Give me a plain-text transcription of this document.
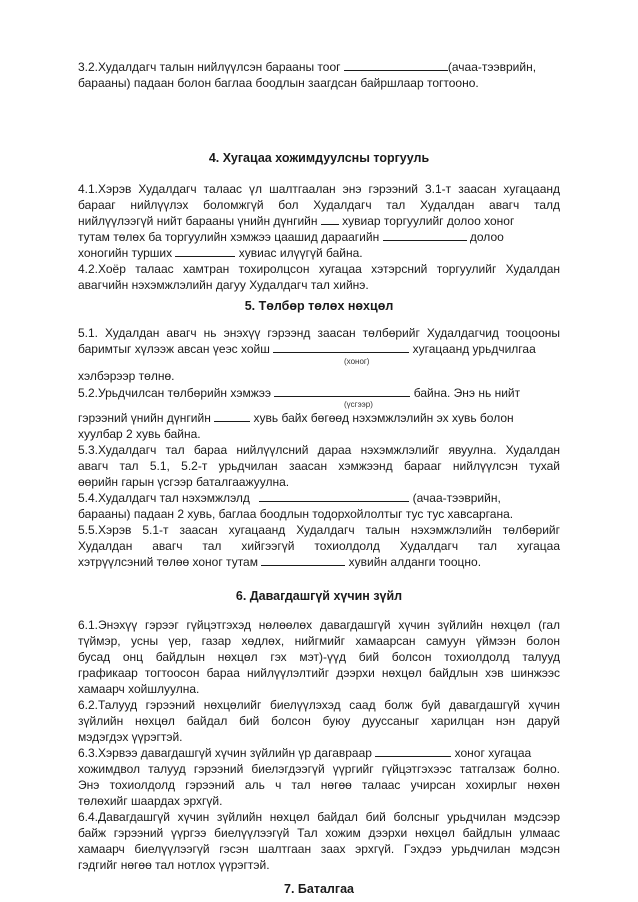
3.2.Худалдагч талын нийлүүлсэн барааны тоог	(ачаа-тээврийн,
барааны) падаан болон баглаа боодлын заагдсан байршлаар тогтооно.
4. Хугацаа хожимдуулсны торгууль
4.1.Хэрэв Худалдагч талаас үл шалтгаалан энэ гэрээний 3.1-т заасан хугацаанд
барааг нийлүүлэх боломжгүй бол Худалдагч тал Худалдан авагч талд
нийлүүлээгүй нийт барааны үнийн дүнгийн хувиар торгуулийг долоо хоног
тутам төлөх ба торгуулийн хэмжээ цаашид дараагийн	долоо
хоногийн турших	хувиас илүүгүй байна.
4.2.Хоёр талаас хамтран тохиролцсон хугацаа хэтэрсний торгуулийг Худалдан
авагчийн нэхэмжлэлийн дагуу Худалдагч тал хийнэ.
5. Төлбөр төлөх нөхцөл
5.1. Худалдан авагч нь энэхүү гэрээнд заасан төлбөрийг Худалдагчид тооцооны
баримтыг хүлээж авсан үеэс хойш	хугацаанд урьдчилгаа
(хоног)
хэлбэрээр төлнө.
5.2.Урьдчилсан төлбөрийн хэмжээ	байна. Энэ нь нийт
(үсгээр)
гэрээний үнийн дүнгийн	хувь байх бөгөөд нэхэмжлэлийн эх хувь болон
хуулбар 2 хувь байна.
5.3.Худалдагч тал бараа нийлүүлсний дараа нэхэмжлэлийг явуулна. Худалдан
авагч тал 5.1, 5.2-т урьдчилан заасан хэмжээнд барааг нийлүүлсэн тухай
өөрийн гарын үсгээр баталгаажуулна.
5.4.Худалдагч тал нэхэмжлэлд	(ачаа-тээврийн,
барааны) падаан 2 хувь, баглаа боодлын тодорхойлолтыг тус тус хавсаргана.
5.5.Хэрэв 5.1-т заасан хугацаанд Худалдагч талын нэхэмжлэлийн төлбөрийг
Худалдан авагч тал хийгээгүй тохиолдолд Худалдагч тал хугацаа
хэтрүүлсэний төлөө хоног тутам	хувийн алданги тооцно.
6. Давагдашгүй хүчин зүйл
6.1.Энэхүү гэрээг гүйцэтгэхэд нөлөөлөх давагдашгүй хүчин зүйлийн нөхцөл (гал
түймэр, усны үер, газар хөдлөх, нийгмийг хамаарсан самуун үймээн болон
бусад онц байдлын нөхцөл гэх мэт)-үүд бий болсон тохиолдолд талууд
графикаар тогтоосон бараа нийлүүлэлтийг дээрхи нөхцөл байдлын хэв шинжээс
хамаарч хойшлуулна.
6.2.Талууд гэрээний нөхцөлийг биелүүлэхэд саад болж буй давагдашгүй хүчин
зүйлийн нөхцөл байдал бий болсон буюу дууссаныг харилцан нэн даруй
мэдэгдэх үүрэгтэй.
6.3.Хэрвээ давагдашгүй хүчин зүйлийн үр дагавраар	хоног хугацаа
хожимдвол талууд гэрээний биелэгдээгүй үүргийг гүйцэтгэхээс татгалзаж болно.
Энэ тохиолдолд гэрээний аль ч тал нөгөө талаас учирсан хохирлыг нөхөн
төлөхийг шаардах эрхгүй.
6.4.Давагдашгүй хүчин зүйлийн нөхцөл байдал бий болсныг урьдчилан мэдсээр
байж гэрээний үүргээ биелүүлээгүй Тал хожим дээрхи нөхцөл байдлын улмаас
хамаарч биелүүлээгүй гэсэн шалтгаан заах эрхгүй. Гэхдээ урьдчилан мэдсэн
гэдгийг нөгөө тал нотлох үүрэгтэй.
7. Баталгаа
